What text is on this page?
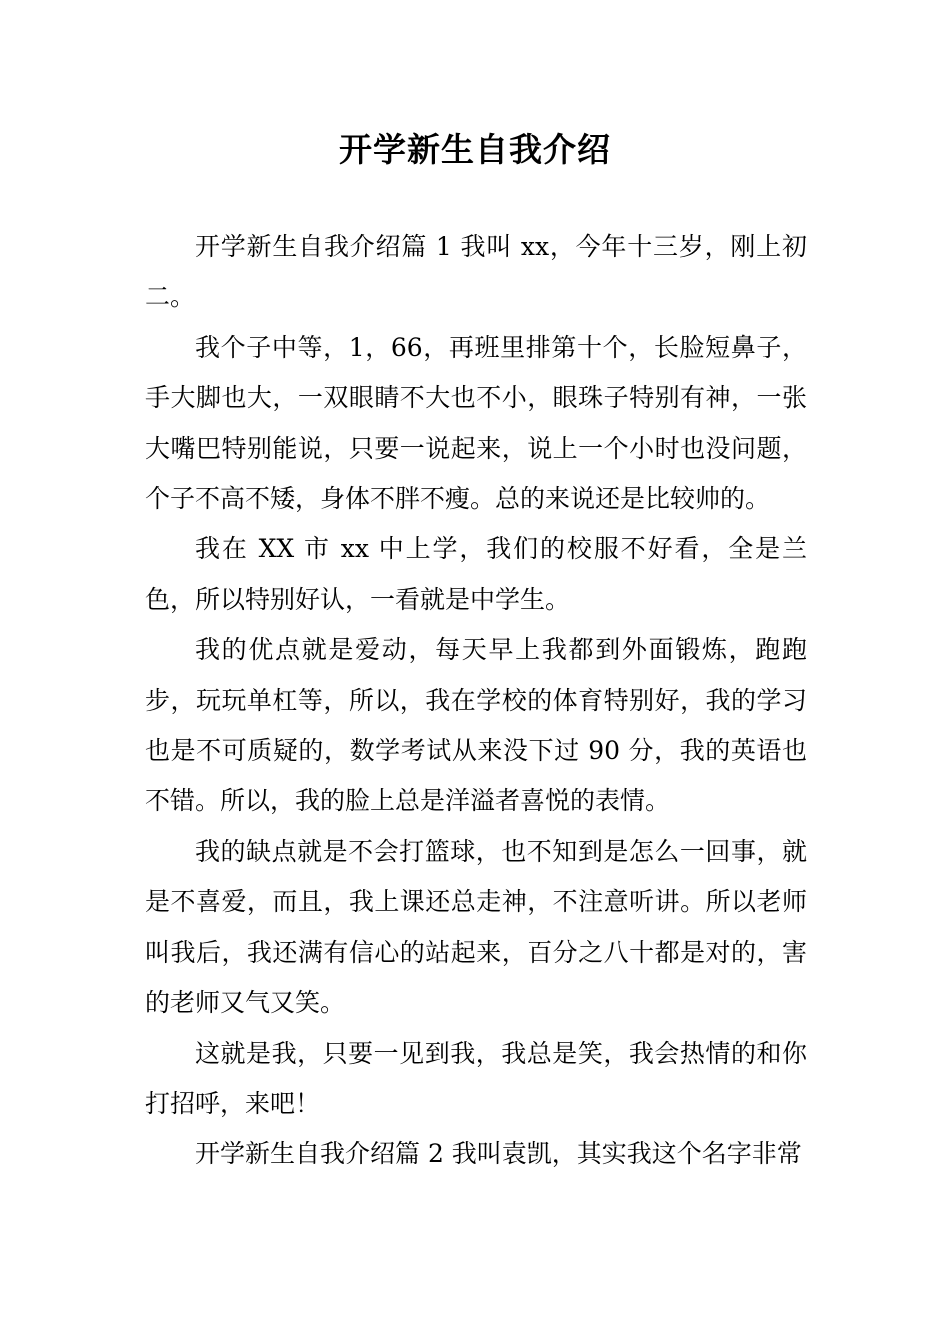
开学新生自我介绍

开学新生自我介绍篇 1 我叫 xx，今年十三岁，刚上初二。

我个子中等，1，66，再班里排第十个，长脸短鼻子，手大脚也大，一双眼睛不大也不小，眼珠子特别有神，一张大嘴巴特别能说，只要一说起来，说上一个小时也没问题，个子不高不矮，身体不胖不瘦。总的来说还是比较帅的。

我在 XX 市 xx 中上学，我们的校服不好看，全是兰色，所以特别好认，一看就是中学生。

我的优点就是爱动，每天早上我都到外面锻炼，跑跑步，玩玩单杠等，所以，我在学校的体育特别好，我的学习也是不可质疑的，数学考试从来没下过 90 分，我的英语也不错。所以，我的脸上总是洋溢者喜悦的表情。

我的缺点就是不会打篮球，也不知到是怎么一回事，就是不喜爱，而且，我上课还总走神，不注意听讲。所以老师叫我后，我还满有信心的站起来，百分之八十都是对的，害的老师又气又笑。

这就是我，只要一见到我，我总是笑，我会热情的和你打招呼，来吧！

开学新生自我介绍篇 2 我叫袁凯，其实我这个名字非常
